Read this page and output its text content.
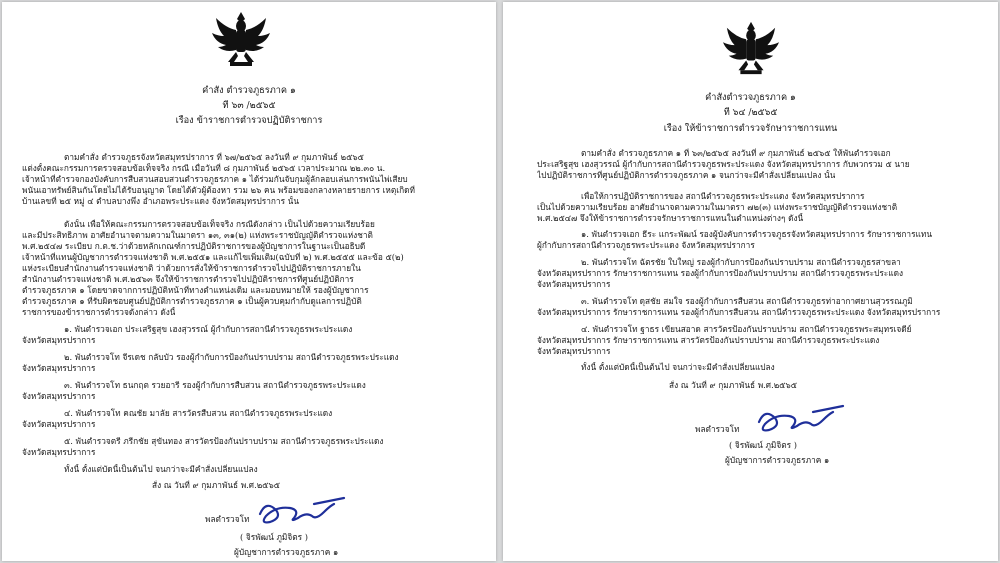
คำสั่ง ตำรวจภูธรภาค ๑
ที่ ๖๓ /๒๕๖๕
เรื่อง ข้าราชการตำรวจปฏิบัติราชการ
ตามคำสั่ง ตำรวจภูธรจังหวัดสมุทรปราการ ที่ ๖๗/๒๕๖๕ ลงวันที่ ๙ กุมภาพันธ์ ๒๕๖๕
แต่งตั้งคณะกรรมการตรวจสอบข้อเท็จจริง กรณี เมื่อวันที่ ๘ กุมภาพันธ์ ๒๕๖๕ เวลาประมาณ ๒๒.๓๐ น.
เจ้าหน้าที่ตำรวจกองบังคับการสืบสวนสอบสวนตำรวจภูธรภาค ๑ ได้ร่วมกันจับกุมผู้ลักลอบเล่นการพนันไพ่เสียบ
พนันเอาทรัพย์สินกันโดยไม่ได้รับอนุญาต โดยได้ตัวผู้ต้องหา รวม ๒๖ คน พร้อมของกลางหลายรายการ เหตุเกิดที่
บ้านเลขที่ ๒๕ หมู่ ๔ ตำบลบางพึ่ง อำเภอพระประแดง จังหวัดสมุทรปราการ นั้น
ดังนั้น เพื่อให้คณะกรรมการตรวจสอบข้อเท็จจริง กรณีดังกล่าว เป็นไปด้วยความเรียบร้อย
และมีประสิทธิภาพ อาศัยอำนาจตามความในมาตรา ๑๓, ๓๑(๒) แห่งพระราชบัญญัติตำรวจแห่งชาติ
พ.ศ.๒๕๔๗ ระเบียบ ก.ต.ช.ว่าด้วยหลักเกณฑ์การปฏิบัติราชการของผู้บัญชาการในฐานะเป็นอธิบดี
เจ้าหน้าที่แทนผู้บัญชาการตำรวจแห่งชาติ พ.ศ.๒๕๕๑ และแก้ไขเพิ่มเติม(ฉบับที่ ๒) พ.ศ.๒๕๕๕ และข้อ ๕(๒)
แห่งระเบียบสำนักงานตำรวจแห่งชาติ ว่าด้วยการสั่งให้ข้าราชการตำรวจไปปฏิบัติราชการภายใน
สำนักงานตำรวจแห่งชาติ พ.ศ.๒๕๖๓ จึงให้ข้าราชการตำรวจไปปฏิบัติราชการที่ศูนย์ปฏิบัติการ
ตำรวจภูธรภาค ๑ โดยขาดจากการปฏิบัติหน้าที่ทางตำแหน่งเดิม และมอบหมายให้ รองผู้บัญชาการ
ตำรวจภูธรภาค ๑ ที่รับผิดชอบศูนย์ปฏิบัติการตำรวจภูธรภาค ๑ เป็นผู้ควบคุมกำกับดูแลการปฏิบัติ
ราชการของข้าราชการตำรวจดังกล่าว ดังนี้
๑. พันตำรวจเอก ประเสริฐสุข เฮงสุวรรณ์ ผู้กำกับการสถานีตำรวจภูธรพระประแดง
จังหวัดสมุทรปราการ
๒. พันตำรวจโท จีรเดช กลับบัว รองผู้กำกับการป้องกันปราบปราม สถานีตำรวจภูธรพระประแดง
จังหวัดสมุทรปราการ
๓. พันตำรวจโท ธนกฤต รวยอารี รองผู้กำกับการสืบสวน สถานีตำรวจภูธรพระประแดง
จังหวัดสมุทรปราการ
๔. พันตำรวจโท คณชัย มาลัย สารวัตรสืบสวน สถานีตำรวจภูธรพระประแดง
จังหวัดสมุทรปราการ
๕. พันตำรวจตรี ภรีกชัย สุขันทอง สารวัตรป้องกันปราบปราม สถานีตำรวจภูธรพระประแดง
จังหวัดสมุทรปราการ
ทั้งนี้ ตั้งแต่บัดนี้เป็นต้นไป จนกว่าจะมีคำสั่งเปลี่ยนแปลง
สั่ง ณ วันที่ ๙ กุมภาพันธ์ พ.ศ.๒๕๖๕
พลตำรวจโท
( จิรพัฒน์ ภูมิจิตร )
ผู้บัญชาการตำรวจภูธรภาค ๑
คำสั่งตำรวจภูธรภาค ๑
ที่ ๖๔ /๒๕๖๕
เรื่อง ให้ข้าราชการตำรวจรักษาราชการแทน
ตามคำสั่ง ตำรวจภูธรภาค ๑ ที่ ๖๓/๒๕๖๕ ลงวันที่ ๙ กุมภาพันธ์ ๒๕๖๕ ให้พันตำรวจเอก
ประเสริฐสุข เฮงสุวรรณ์ ผู้กำกับการสถานีตำรวจภูธรพระประแดง จังหวัดสมุทรปราการ กับพวกรวม ๕ นาย
ไปปฏิบัติราชการที่ศูนย์ปฏิบัติการตำรวจภูธรภาค ๑ จนกว่าจะมีคำสั่งเปลี่ยนแปลง นั้น
เพื่อให้การปฏิบัติราชการของ สถานีตำรวจภูธรพระประแดง จังหวัดสมุทรปราการ
เป็นไปด้วยความเรียบร้อย อาศัยอำนาจตามความในมาตรา ๗๒(๓) แห่งพระราชบัญญัติตำรวจแห่งชาติ
พ.ศ.๒๕๔๗ จึงให้ข้าราชการตำรวจรักษาราชการแทนในตำแหน่งต่างๆ ดังนี้
๑. พันตำรวจเอก ธีระ แกระพัฒน์ รองผู้บังคับการตำรวจภูธรจังหวัดสมุทรปราการ รักษาราชการแทน
ผู้กำกับการสถานีตำรวจภูธรพระประแดง จังหวัดสมุทรปราการ
๒. พันตำรวจโท ฉัตรชัย ใบใหญ่ รองผู้กำกับการป้องกันปราบปราม สถานีตำรวจภูธรสาขลา
จังหวัดสมุทรปราการ รักษาราชการแทน รองผู้กำกับการป้องกันปราบปราม สถานีตำรวจภูธรพระประแดง
จังหวัดสมุทรปราการ
๓. พันตำรวจโท ดุสชัย สมใจ รองผู้กำกับการสืบสวน สถานีตำรวจภูธรท่าอากาศยานสุวรรณภูมิ
จังหวัดสมุทรปราการ รักษาราชการแทน รองผู้กำกับการสืบสวน สถานีตำรวจภูธรพระประแดง จังหวัดสมุทรปราการ
๔. พันตำรวจโท ฐาธร เขียนสอาด สารวัตรป้องกันปราบปราม สถานีตำรวจภูธรพระสมุทรเจดีย์
จังหวัดสมุทรปราการ รักษาราชการแทน สารวัตรป้องกันปราบปราม สถานีตำรวจภูธรพระประแดง
จังหวัดสมุทรปราการ
ทั้งนี้ ตั้งแต่บัดนี้เป็นต้นไป จนกว่าจะมีคำสั่งเปลี่ยนแปลง
สั่ง ณ วันที่ ๙ กุมภาพันธ์ พ.ศ.๒๕๖๕
พลตำรวจโท
( จิรพัฒน์ ภูมิจิตร )
ผู้บัญชาการตำรวจภูธรภาค ๑
